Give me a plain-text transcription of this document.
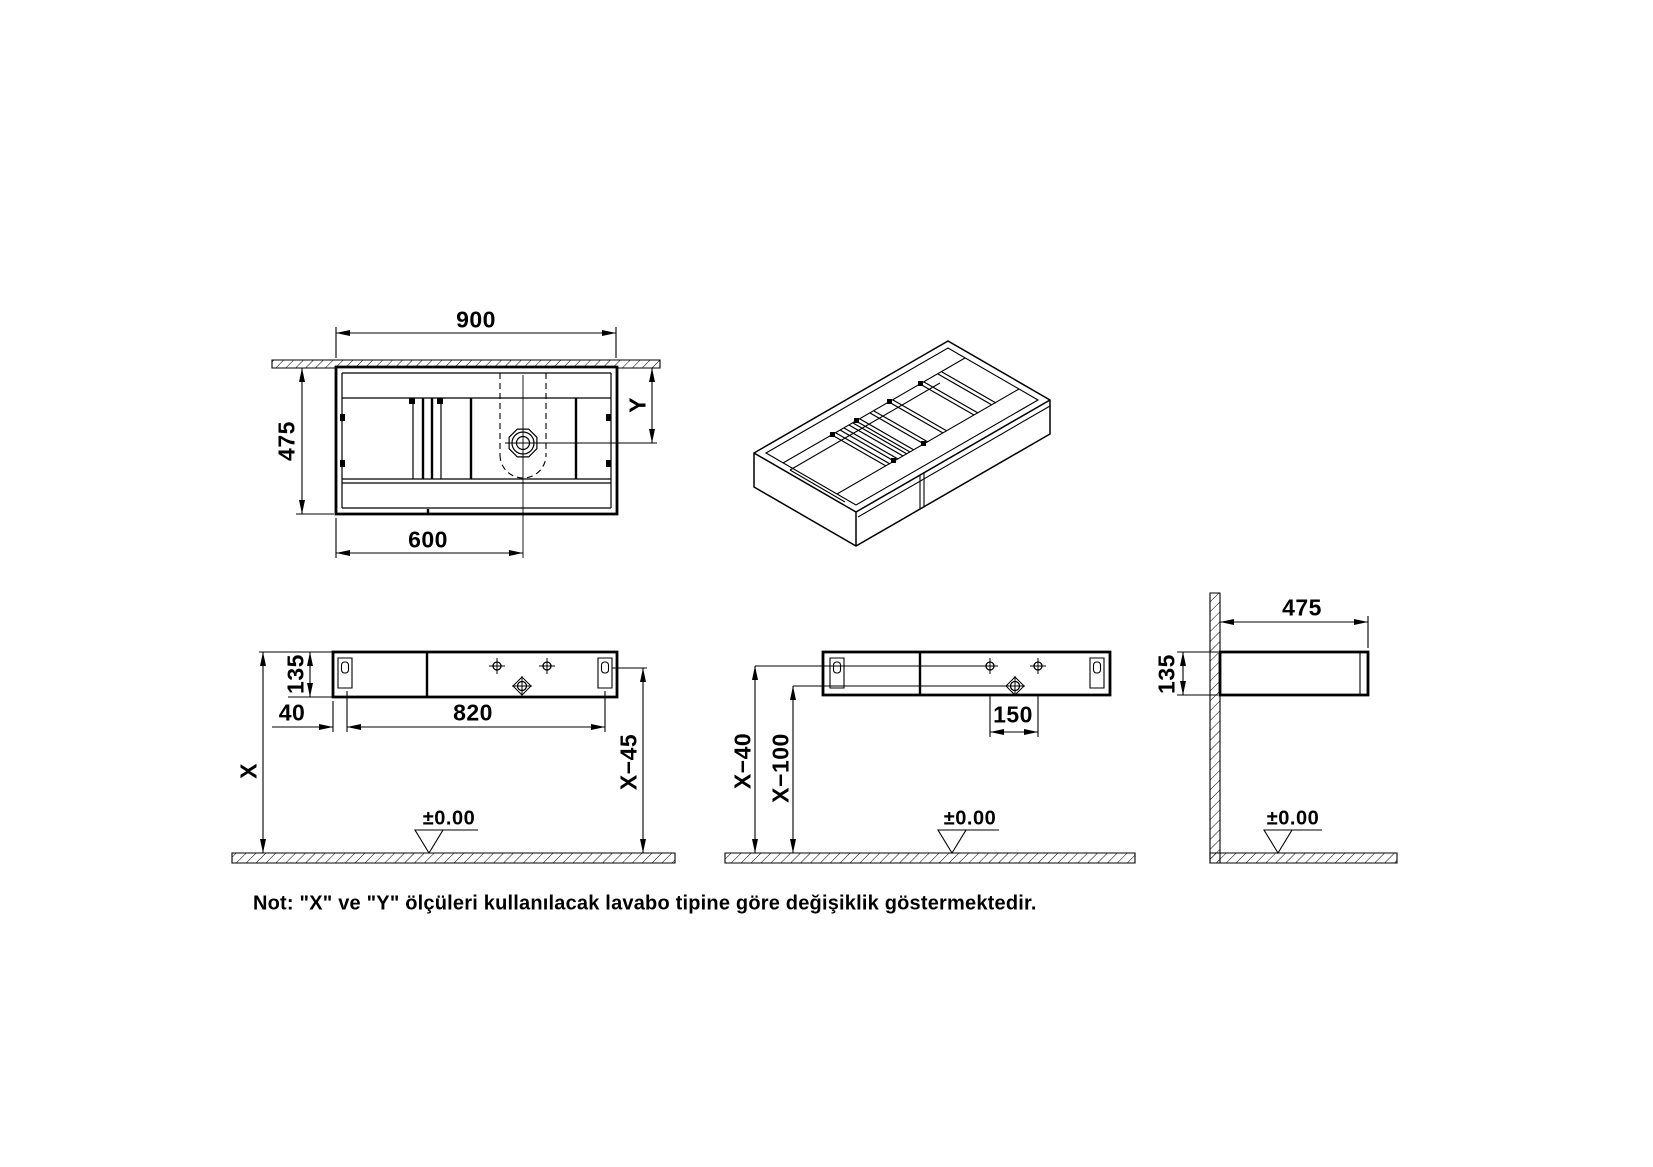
900
475
600
Y
135
40	820
X	X−45
±0.00
X−40 X−100
150
±0.00
475
135
±0.00
Not: "X" ve "Y" ölçüleri kullanılacak lavabo tipine göre değişiklik göstermektedir.
